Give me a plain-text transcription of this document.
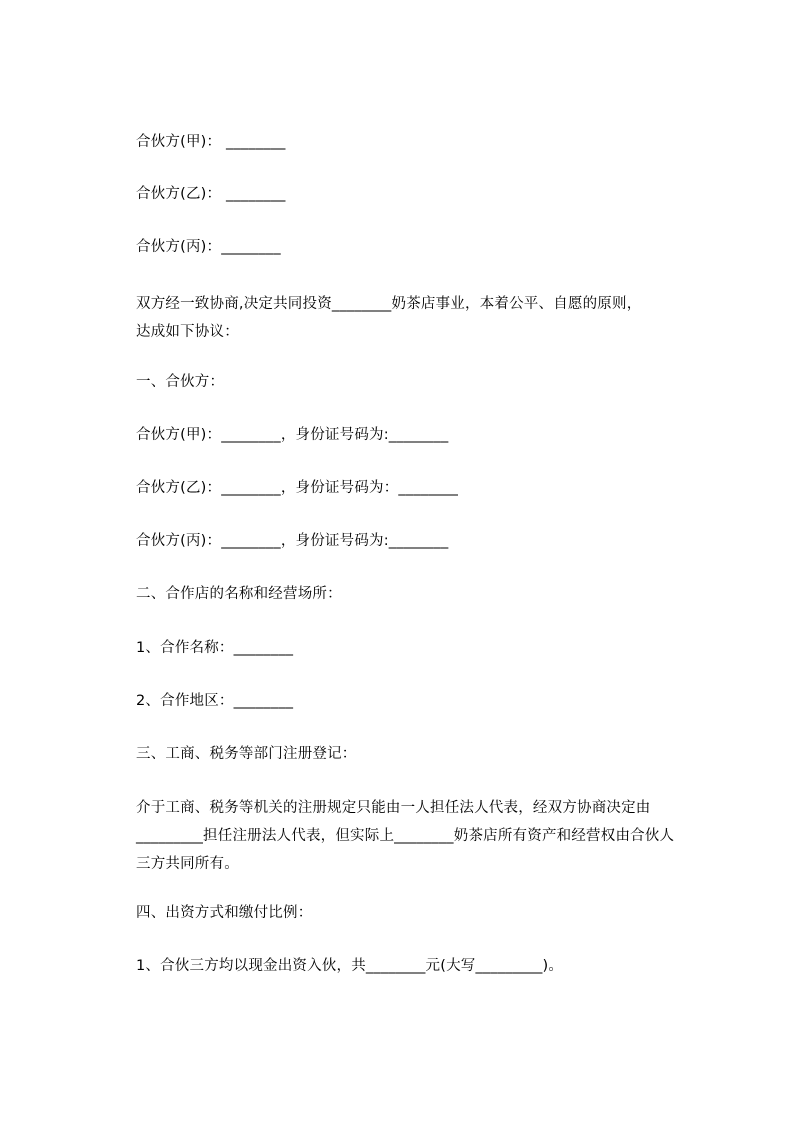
合伙方(甲)： ________
合伙方(乙)： ________
合伙方(丙)：________
双方经一致协商,决定共同投资________奶茶店事业，本着公平、自愿的原则，
达成如下协议：
一、合伙方：
合伙方(甲)：________，身份证号码为:________
合伙方(乙)：________，身份证号码为：________
合伙方(丙)：________，身份证号码为:________
二、合作店的名称和经营场所：
1、合作名称：________
2、合作地区：________
三、工商、税务等部门注册登记：
介于工商、税务等机关的注册规定只能由一人担任法人代表，经双方协商决定由
_________担任注册法人代表，但实际上________奶茶店所有资产和经营权由合伙人
三方共同所有。
四、出资方式和缴付比例：
1、合伙三方均以现金出资入伙，共________元(大写_________)。
